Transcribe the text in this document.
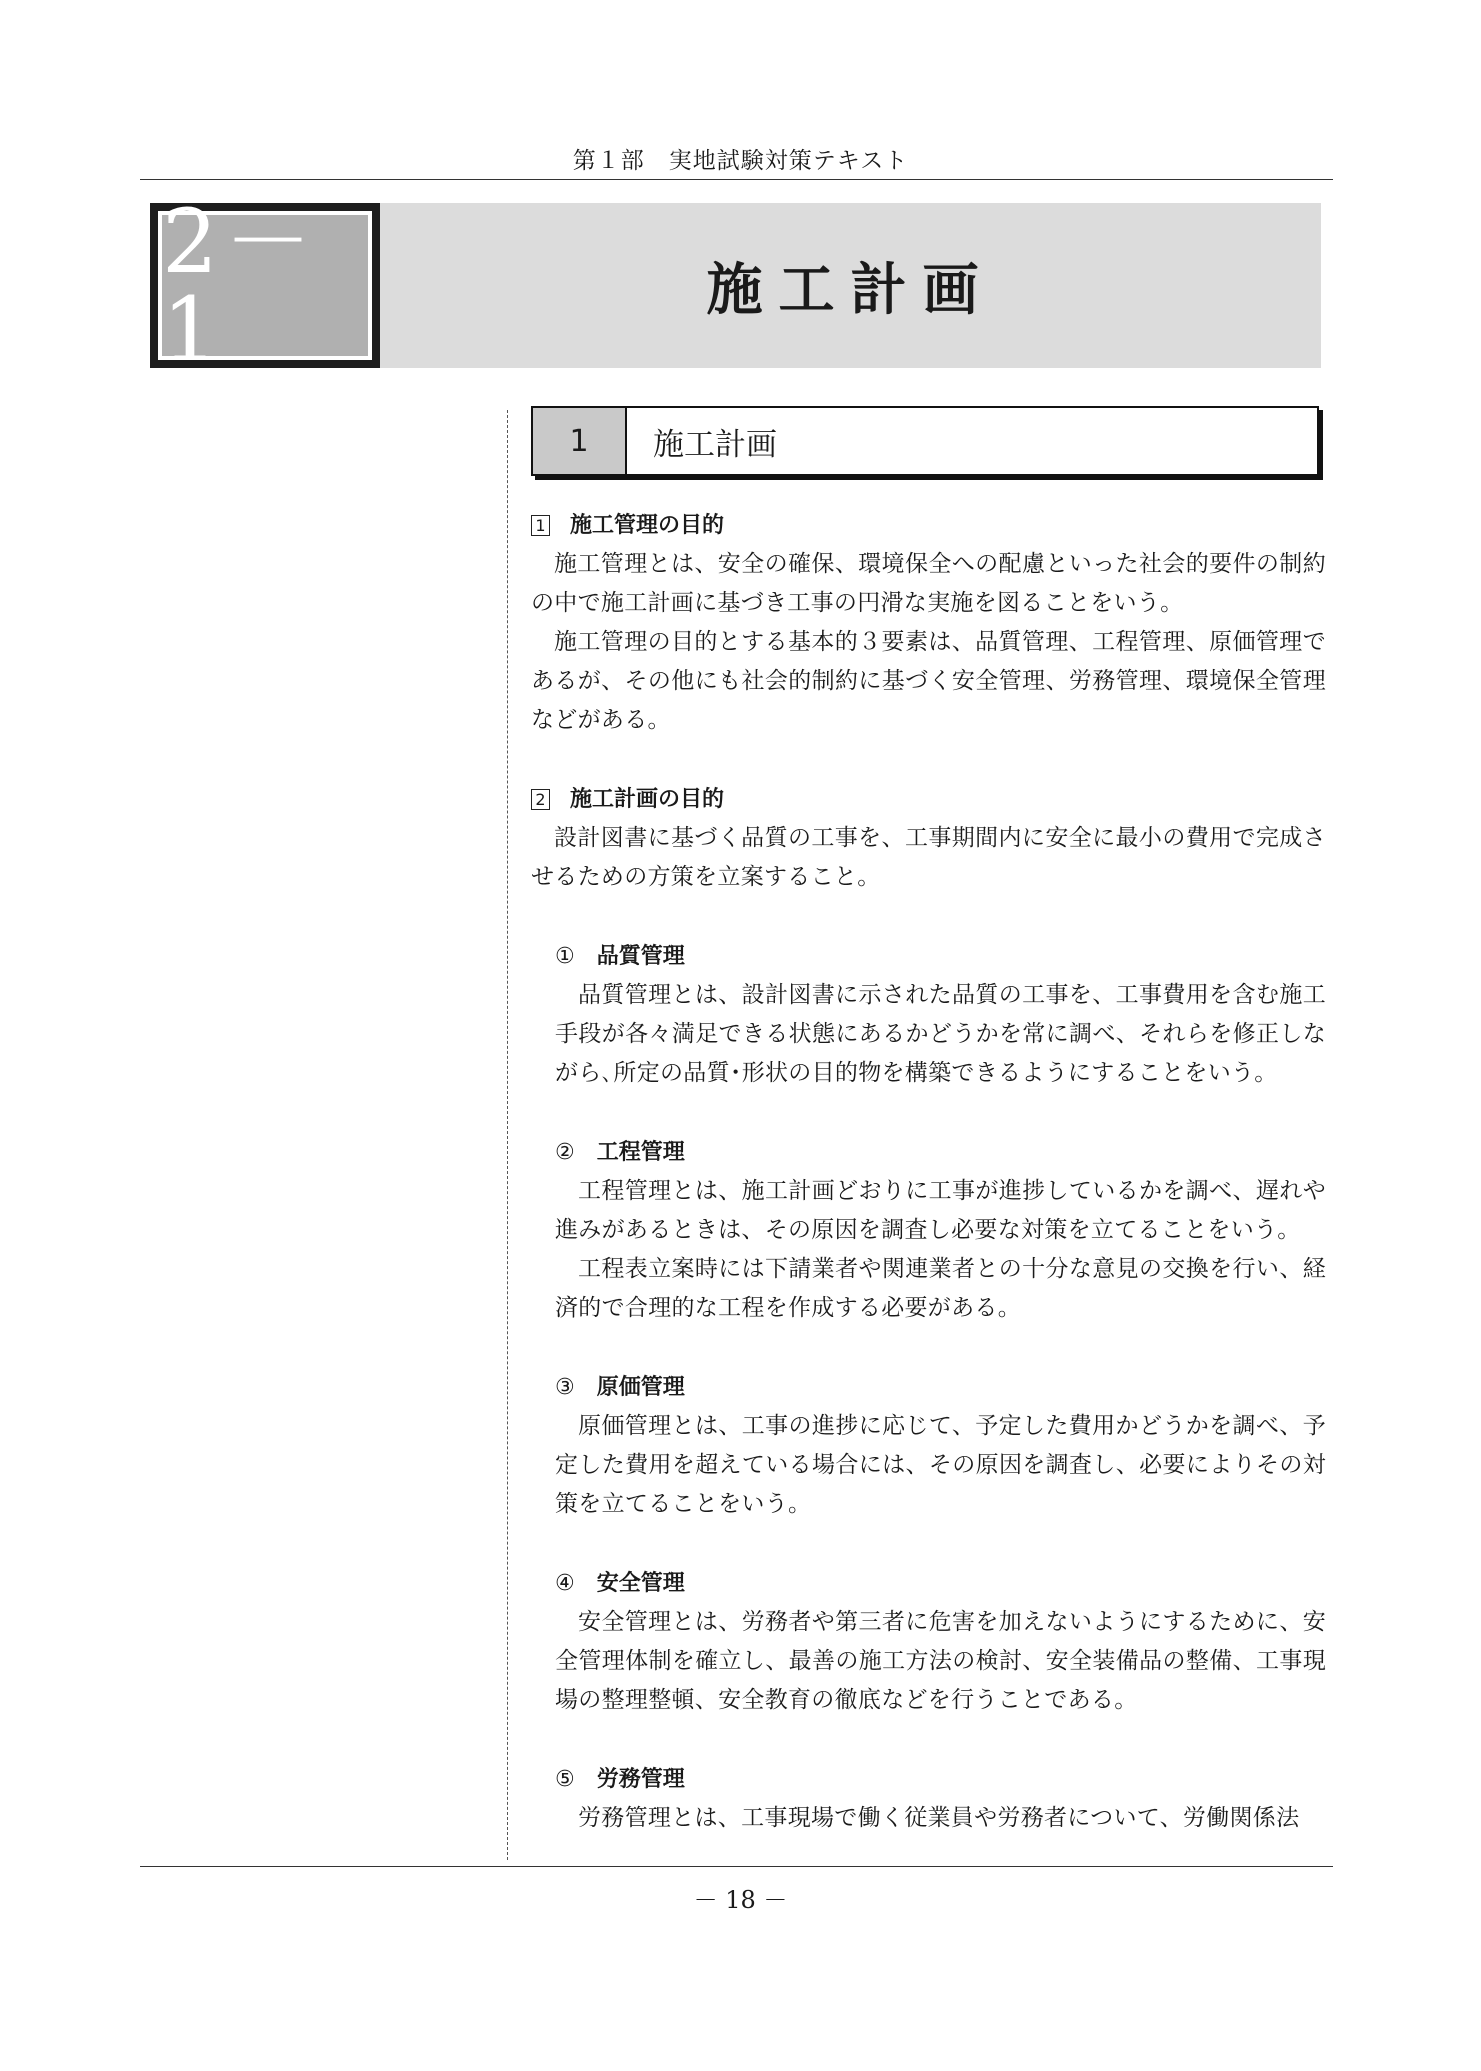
第１部　実地試験対策テキスト
2－1	施工計画
1	施工計画
1 施工管理の目的
施工管理とは、安全の確保、環境保全への配慮といった社会的要件の制約の中で施工計画に基づき工事の円滑な実施を図ることをいう。
施工管理の目的とする基本的３要素は、品質管理、工程管理、原価管理であるが、その他にも社会的制約に基づく安全管理、労務管理、環境保全管理などがある。
2 施工計画の目的
設計図書に基づく品質の工事を、工事期間内に安全に最小の費用で完成させるための方策を立案すること。
① 品質管理
品質管理とは、設計図書に示された品質の工事を、工事費用を含む施工手段が各々満足できる状態にあるかどうかを常に調べ、それらを修正しながら､所定の品質･形状の目的物を構築できるようにすることをいう。
② 工程管理
工程管理とは、施工計画どおりに工事が進捗しているかを調べ、遅れや進みがあるときは、その原因を調査し必要な対策を立てることをいう。
工程表立案時には下請業者や関連業者との十分な意見の交換を行い、経済的で合理的な工程を作成する必要がある。
③ 原価管理
原価管理とは、工事の進捗に応じて、予定した費用かどうかを調べ、予定した費用を超えている場合には、その原因を調査し、必要によりその対策を立てることをいう。
④ 安全管理
安全管理とは、労務者や第三者に危害を加えないようにするために、安全管理体制を確立し、最善の施工方法の検討、安全装備品の整備、工事現場の整理整頓、安全教育の徹底などを行うことである。
⑤ 労務管理
労務管理とは、工事現場で働く従業員や労務者について、労働関係法
－ 18 －
